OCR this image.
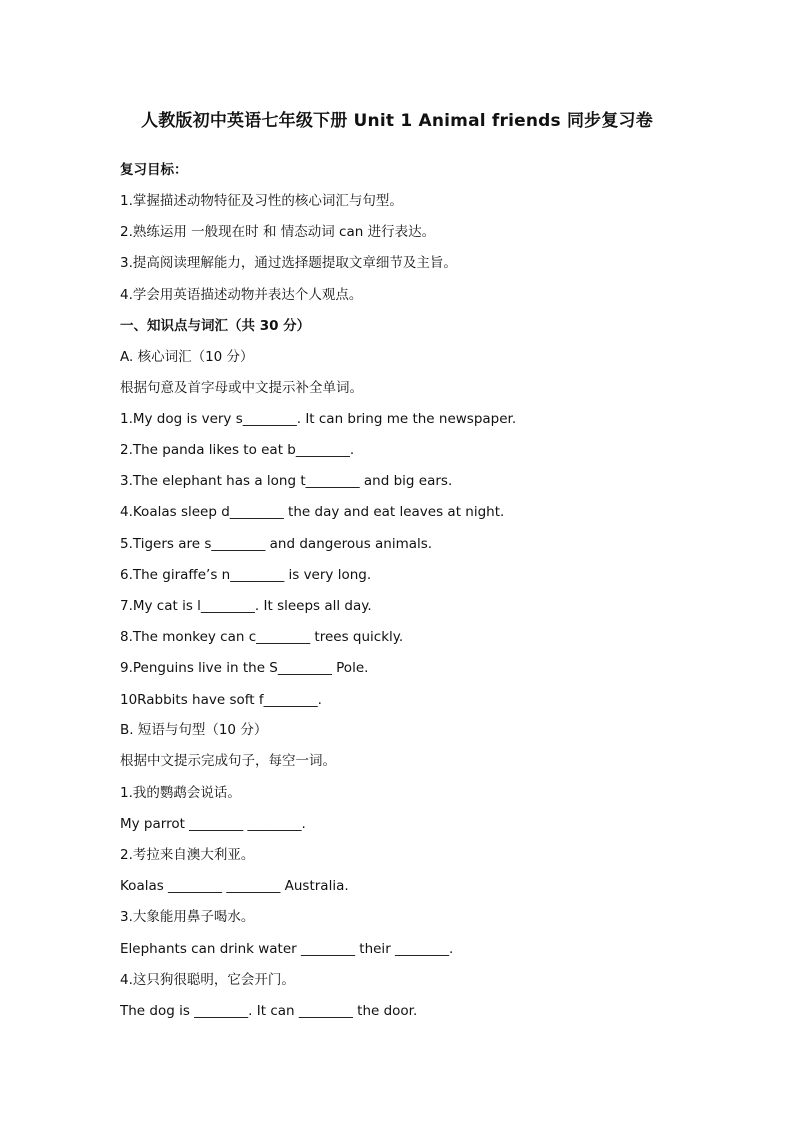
人教版初中英语七年级下册 Unit 1 Animal friends 同步复习卷
复习目标：
1.掌握描述动物特征及习性的核心词汇与句型。
2.熟练运用 一般现在时 和 情态动词 can 进行表达。
3.提高阅读理解能力，通过选择题提取文章细节及主旨。
4.学会用英语描述动物并表达个人观点。
一、知识点与词汇（共 30 分）
A. 核心词汇（10 分）
根据句意及首字母或中文提示补全单词。
1.My dog is very s________. It can bring me the newspaper.
2.The panda likes to eat b________.
3.The elephant has a long t________ and big ears.
4.Koalas sleep d________ the day and eat leaves at night.
5.Tigers are s________ and dangerous animals.
6.The giraffe’s n________ is very long.
7.My cat is l________. It sleeps all day.
8.The monkey can c________ trees quickly.
9.Penguins live in the S________ Pole.
10Rabbits have soft f________.
B. 短语与句型（10 分）
根据中文提示完成句子，每空一词。
1.我的鹦鹉会说话。
My parrot ________ ________.
2.考拉来自澳大利亚。
Koalas ________ ________ Australia.
3.大象能用鼻子喝水。
Elephants can drink water ________ their ________.
4.这只狗很聪明，它会开门。
The dog is ________. It can ________ the door.
